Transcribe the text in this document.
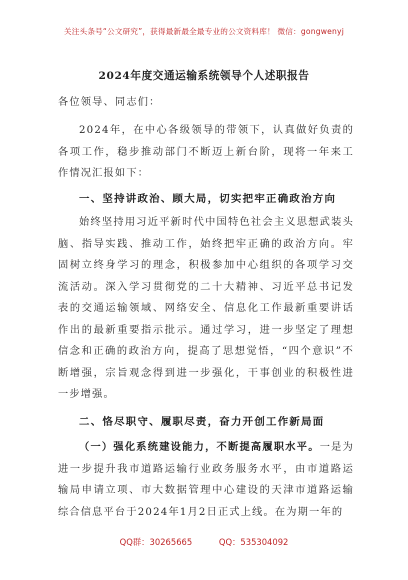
关注头条号“公文研究”，获得最新最全最专业的公文资料库！ 微信：gongwenyj
2024年度交通运输系统领导个人述职报告
各位领导、同志们：
2024年，在中心各级领导的带领下，认真做好负责的各项工作，稳步推动部门不断迈上新台阶，现将一年来工作情况汇报如下：
一、坚持讲政治、顾大局，切实把牢正确政治方向
始终坚持用习近平新时代中国特色社会主义思想武装头脑、指导实践、推动工作，始终把牢正确的政治方向。牢固树立终身学习的理念，积极参加中心组织的各项学习交流活动。深入学习贯彻党的二十大精神、习近平总书记发表的交通运输领域、网络安全、信息化工作最新重要讲话作出的最新重要指示批示。通过学习，进一步坚定了理想信念和正确的政治方向，提高了思想觉悟，“四个意识”不断增强，宗旨观念得到进一步强化，干事创业的积极性进一步增强。
二、恪尽职守、履职尽责，奋力开创工作新局面
（一）强化系统建设能力，不断提高履职水平。一是为进一步提升我市道路运输行业政务服务水平，由市道路运输局申请立项、市大数据管理中心建设的天津市道路运输综合信息平台于2024年1月2日正式上线。在为期一年的
QQ群：30265665	QQ：535304092
